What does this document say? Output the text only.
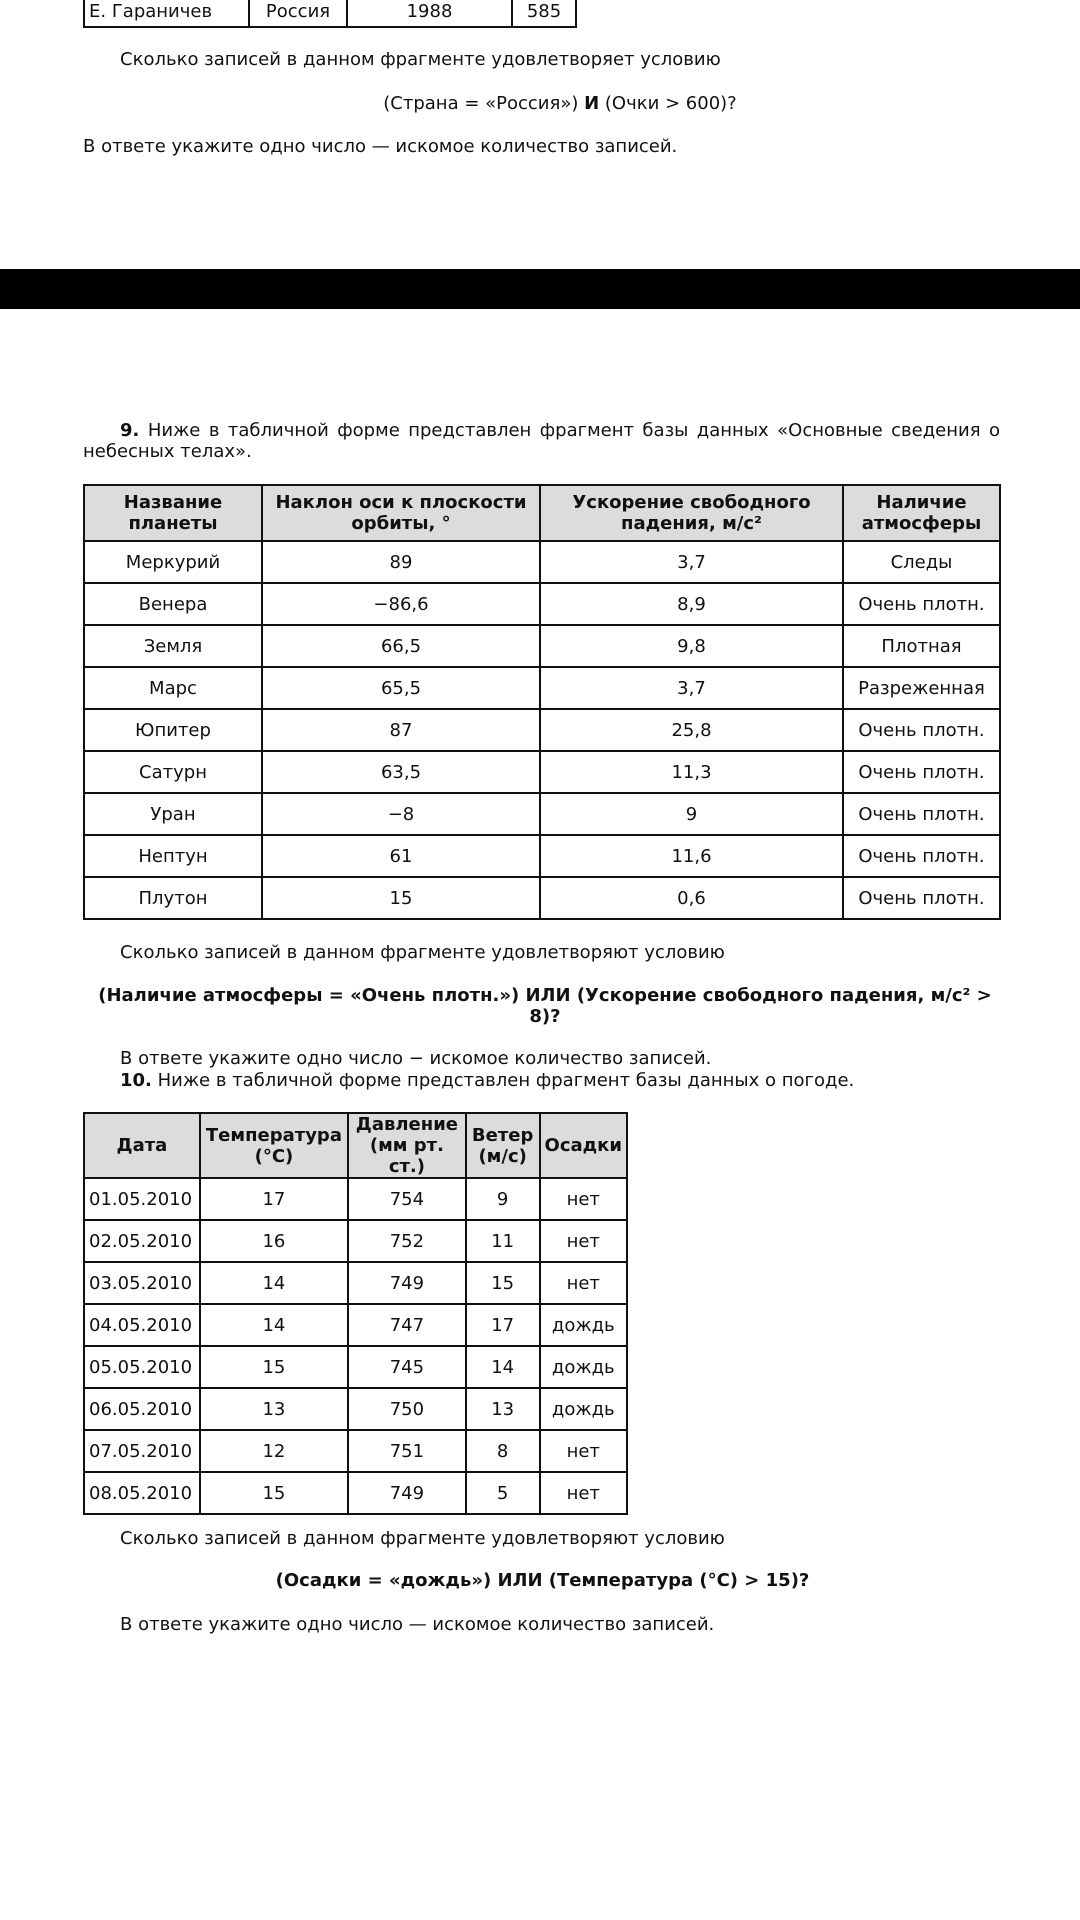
Е. Гараничев	Россия	1988	585
Сколько записей в данном фрагменте удовлетворяет условию
(Страна = «Россия») И (Очки > 600)?
В ответе укажите одно число — искомое количество записей.
9. Ниже в табличной форме представлен фрагмент базы данных «Основные сведения о небесных телах».
Название планеты	Наклон оси к плоскости орбиты, °	Ускорение свободного падения, м/с²	Наличие атмосферы
Меркурий	89	3,7	Следы
Венера	−86,6	8,9	Очень плотн.
Земля	66,5	9,8	Плотная
Марс	65,5	3,7	Разреженная
Юпитер	87	25,8	Очень плотн.
Сатурн	63,5	11,3	Очень плотн.
Уран	−8	9	Очень плотн.
Нептун	61	11,6	Очень плотн.
Плутон	15	0,6	Очень плотн.
Сколько записей в данном фрагменте удовлетворяют условию
(Наличие атмосферы = «Очень плотн.») ИЛИ (Ускорение свободного падения, м/с² > 8)?
В ответе укажите одно число − искомое количество записей.
10. Ниже в табличной форме представлен фрагмент базы данных о погоде.
Дата	Температура (°С)	Давление (мм рт. ст.)	Ветер (м/с)	Осадки
01.05.2010	17	754	9	нет
02.05.2010	16	752	11	нет
03.05.2010	14	749	15	нет
04.05.2010	14	747	17	дождь
05.05.2010	15	745	14	дождь
06.05.2010	13	750	13	дождь
07.05.2010	12	751	8	нет
08.05.2010	15	749	5	нет
Сколько записей в данном фрагменте удовлетворяют условию
(Осадки = «дождь») ИЛИ (Температура (°С) > 15)?
В ответе укажите одно число — искомое количество записей.
